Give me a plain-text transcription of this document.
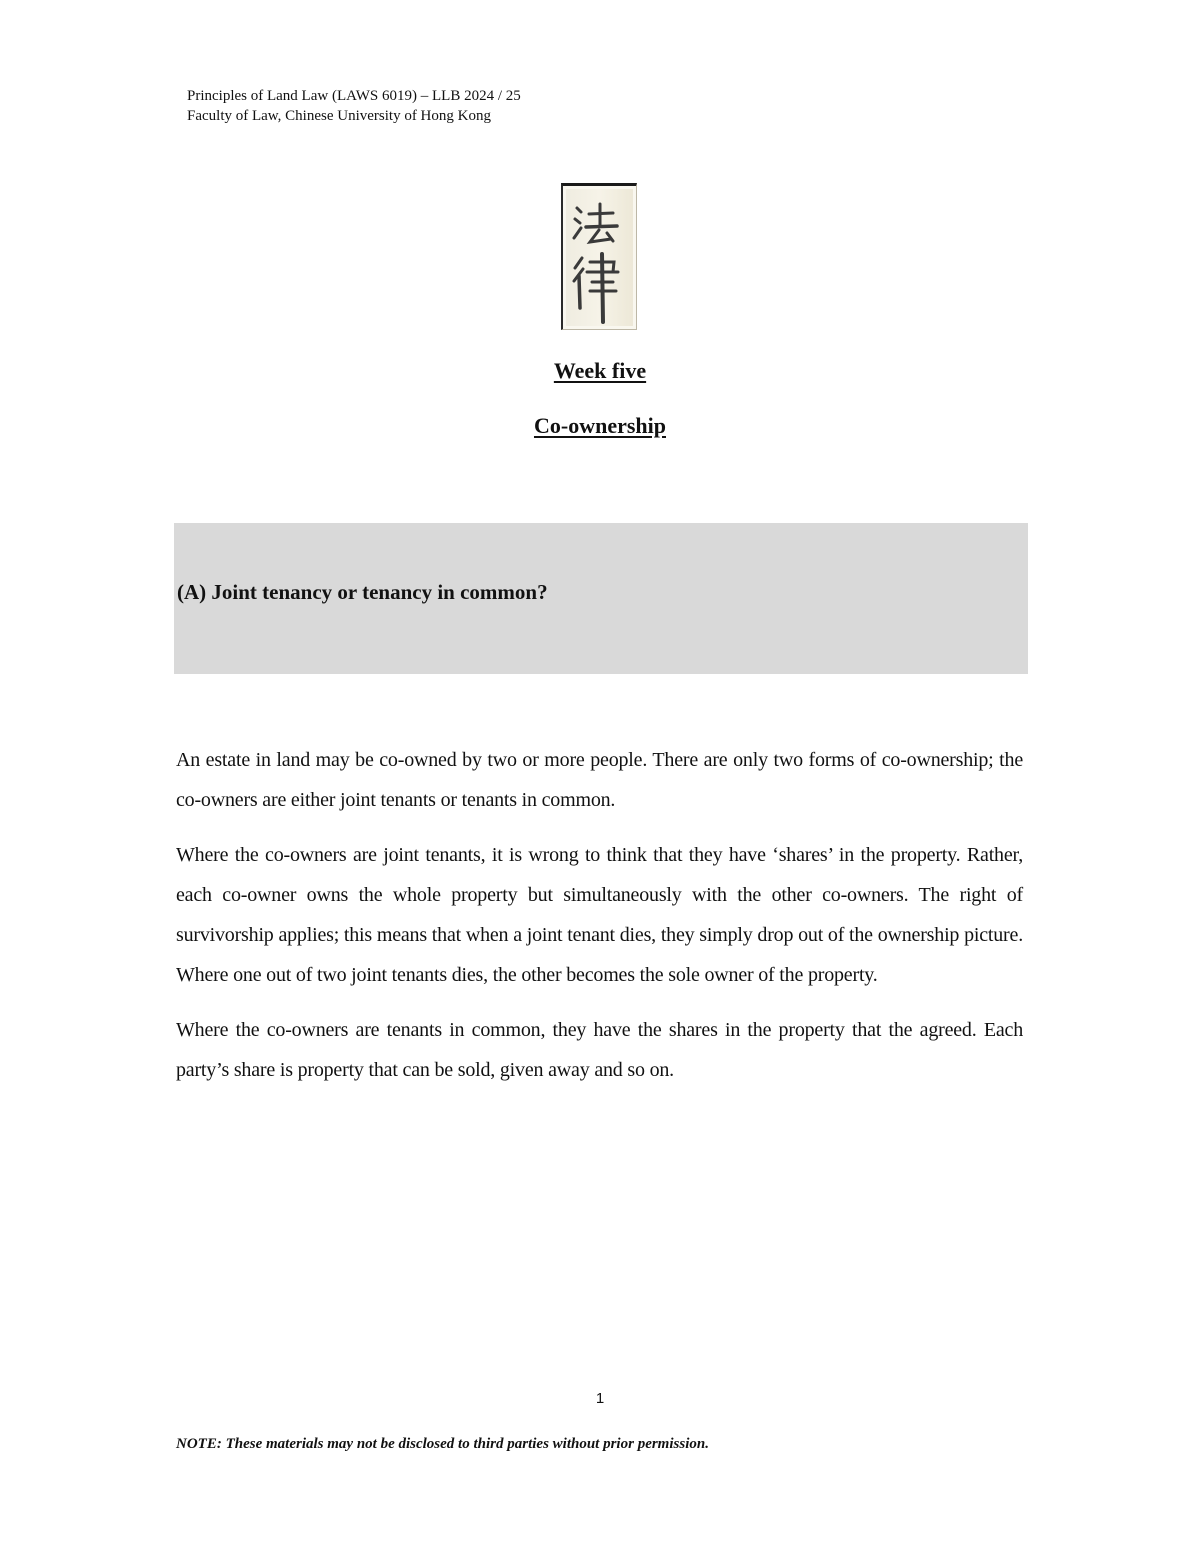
Principles of Land Law (LAWS 6019) – LLB 2024 / 25
Faculty of Law, Chinese University of Hong Kong
Week five
Co-ownership
(A) Joint tenancy or tenancy in common?

An estate in land may be co-owned by two or more people. There are only two forms of co-ownership; the co-owners are either joint tenants or tenants in common.

Where the co-owners are joint tenants, it is wrong to think that they have ‘shares’ in the property. Rather, each co-owner owns the whole property but simultaneously with the other co-owners. The right of survivorship applies; this means that when a joint tenant dies, they simply drop out of the ownership picture. Where one out of two joint tenants dies, the other becomes the sole owner of the property.

Where the co-owners are tenants in common, they have the shares in the property that the agreed. Each party’s share is property that can be sold, given away and so on.

1
NOTE: These materials may not be disclosed to third parties without prior permission.
